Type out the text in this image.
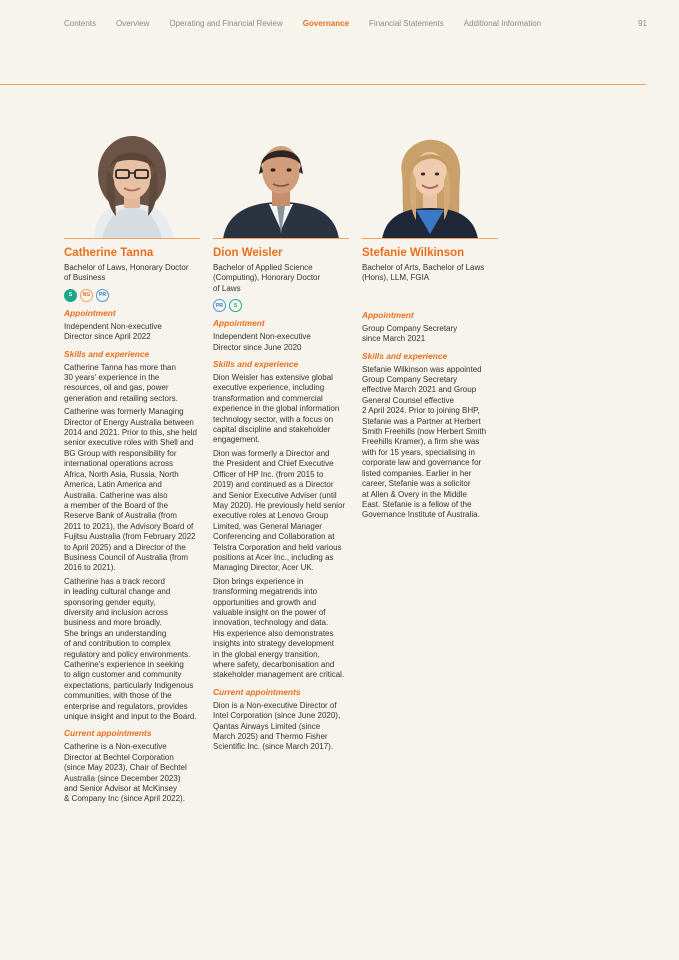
Contents	Overview	Operating and Financial Review	Governance	Financial Statements	Additional Information	91
Catherine Tanna
Bachelor of Laws, Honorary Doctor
of Business
S	NG	PR
Appointment

Independent Non-executive
Director since April 2022

Skills and experience

Catherine Tanna has more than
30 years' experience in the
resources, oil and gas, power
generation and retailing sectors.

Catherine was formerly Managing
Director of Energy Australia between
2014 and 2021. Prior to this, she held
senior executive roles with Shell and
BG Group with responsibility for
international operations across
Africa, North Asia, Russia, North
America, Latin America and
Australia. Catherine was also
a member of the Board of the
Reserve Bank of Australia (from
2011 to 2021), the Advisory Board of
Fujitsu Australia (from February 2022
to April 2025) and a Director of the
Business Council of Australia (from
2016 to 2021).

Catherine has a track record
in leading cultural change and
sponsoring gender equity,
diversity and inclusion across
business and more broadly.
She brings an understanding
of and contribution to complex
regulatory and policy environments.
Catherine's experience in seeking
to align customer and community
expectations, particularly Indigenous
communities, with those of the
enterprise and regulators, provides
unique insight and input to the Board.

Current appointments

Catherine is a Non-executive
Director at Bechtel Corporation
(since May 2023), Chair of Bechtel
Australia (since December 2023)
and Senior Advisor at McKinsey
& Company Inc (since April 2022).

Dion Weisler
Bachelor of Applied Science
(Computing), Honorary Doctor
of Laws
PR	S
Appointment

Independent Non-executive
Director since June 2020

Skills and experience

Dion Weisler has extensive global
executive experience, including
transformation and commercial
experience in the global information
technology sector, with a focus on
capital discipline and stakeholder
engagement.

Dion was formerly a Director and
the President and Chief Executive
Officer of HP Inc. (from 2015 to
2019) and continued as a Director
and Senior Executive Adviser (until
May 2020). He previously held senior
executive roles at Lenovo Group
Limited, was General Manager
Conferencing and Collaboration at
Telstra Corporation and held various
positions at Acer Inc., including as
Managing Director, Acer UK.

Dion brings experience in
transforming megatrends into
opportunities and growth and
valuable insight on the power of
innovation, technology and data.
His experience also demonstrates
insights into strategy development
in the global energy transition,
where safety, decarbonisation and
stakeholder management are critical.

Current appointments

Dion is a Non-executive Director of
Intel Corporation (since June 2020),
Qantas Airways Limited (since
March 2025) and Thermo Fisher
Scientific Inc. (since March 2017).

Stefanie Wilkinson
Bachelor of Arts, Bachelor of Laws
(Hons), LLM, FGIA
Appointment

Group Company Secretary
since March 2021

Skills and experience

Stefanie Wilkinson was appointed
Group Company Secretary
effective March 2021 and Group
General Counsel effective
2 April 2024. Prior to joining BHP,
Stefanie was a Partner at Herbert
Smith Freehills (now Herbert Smith
Freehills Kramer), a firm she was
with for 15 years, specialising in
corporate law and governance for
listed companies. Earlier in her
career, Stefanie was a solicitor
at Allen & Overy in the Middle
East. Stefanie is a fellow of the
Governance Institute of Australia.
